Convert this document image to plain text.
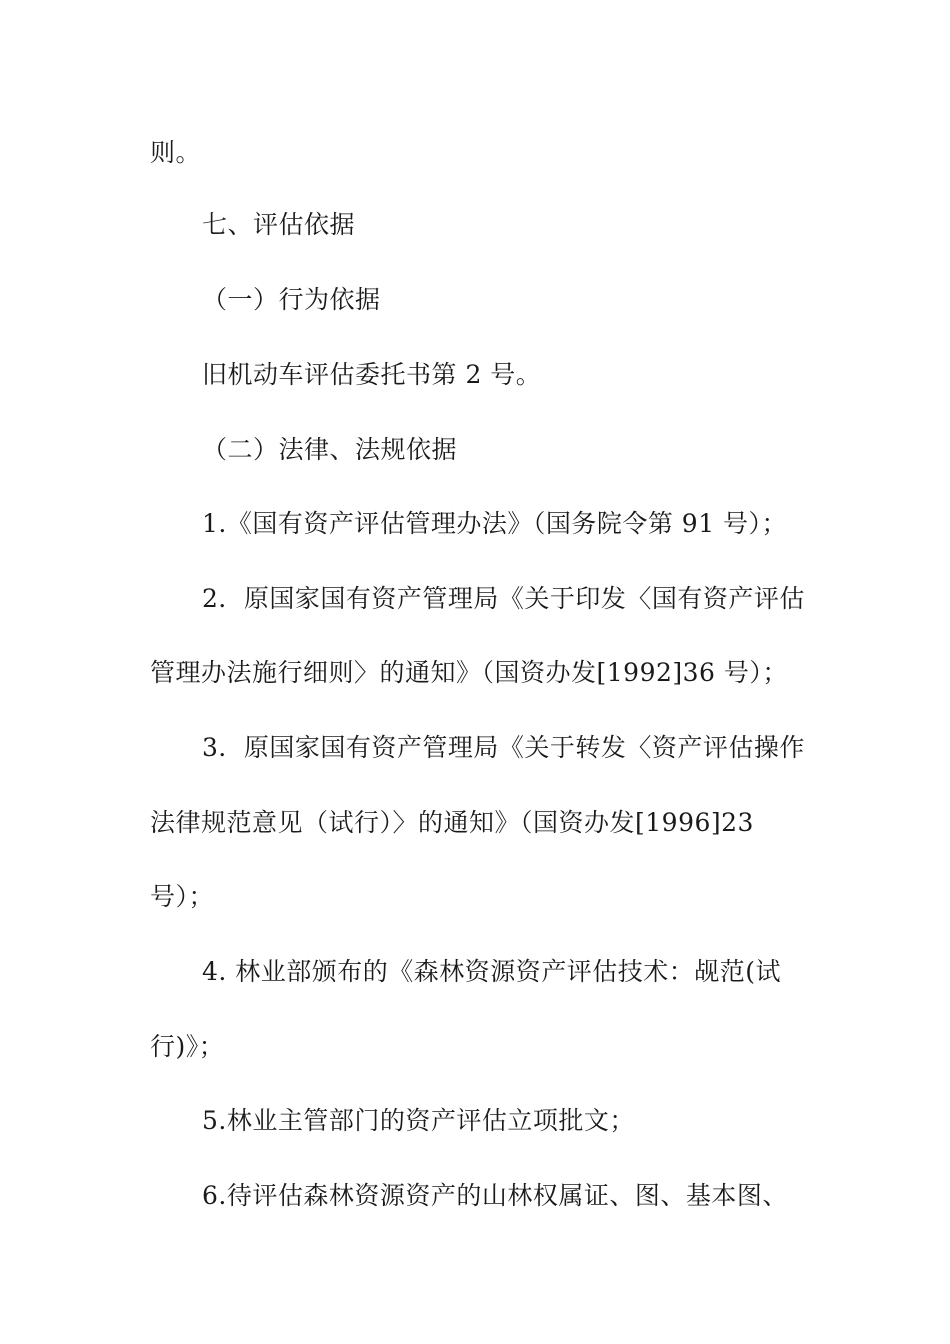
则。
七、评估依据
（一）行为依据
旧机动车评估委托书第 2 号。
（二）法律、法规依据
1.《国有资产评估管理办法》（国务院令第 91 号）；
2．原国家国有资产管理局《关于印发〈国有资产评估
管理办法施行细则〉的通知》（国资办发[1992]36 号）；
3．原国家国有资产管理局《关于转发〈资产评估操作
法律规范意见（试行）〉的通知》（国资办发[1996]23
号）；
4. 林业部颁布的《森林资源资产评估技术：觇范(试
行)》；
5.林业主管部门的资产评估立项批文；
6.待评估森林资源资产的山林权属证、图、基本图、
